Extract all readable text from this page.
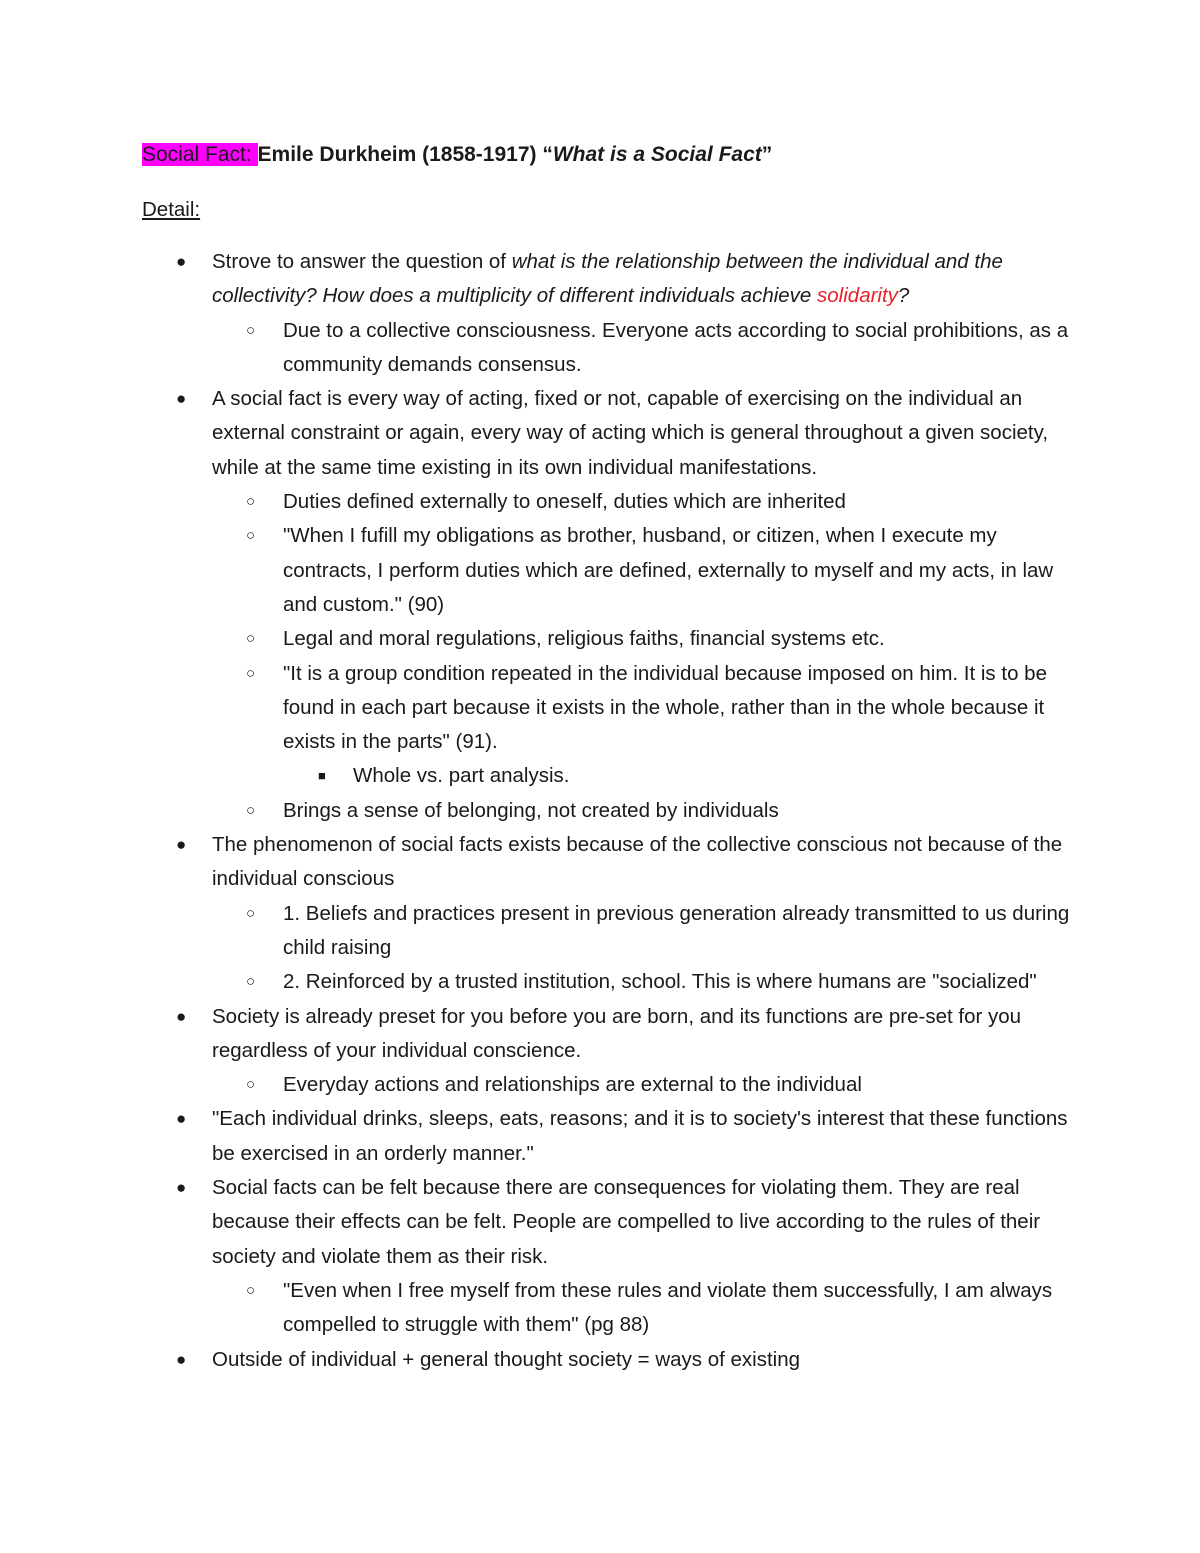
Social Fact: Emile Durkheim (1858-1917) “What is a Social Fact”
Detail:
● Strove to answer the question of what is the relationship between the individual and the collectivity? How does a multiplicity of different individuals achieve solidarity?
○ Due to a collective consciousness. Everyone acts according to social prohibitions, as a community demands consensus.
● A social fact is every way of acting, fixed or not, capable of exercising on the individual an external constraint or again, every way of acting which is general throughout a given society, while at the same time existing in its own individual manifestations.
○ Duties defined externally to oneself, duties which are inherited
○ "When I fufill my obligations as brother, husband, or citizen, when I execute my contracts, I perform duties which are defined, externally to myself and my acts, in law and custom." (90)
○ Legal and moral regulations, religious faiths, financial systems etc.
○ "It is a group condition repeated in the individual because imposed on him. It is to be found in each part because it exists in the whole, rather than in the whole because it exists in the parts" (91).
■ Whole vs. part analysis.
○ Brings a sense of belonging, not created by individuals
● The phenomenon of social facts exists because of the collective conscious not because of the individual conscious
○ 1. Beliefs and practices present in previous generation already transmitted to us during child raising
○ 2. Reinforced by a trusted institution, school. This is where humans are "socialized"
● Society is already preset for you before you are born, and its functions are pre-set for you regardless of your individual conscience.
○ Everyday actions and relationships are external to the individual
● "Each individual drinks, sleeps, eats, reasons; and it is to society's interest that these functions be exercised in an orderly manner."
● Social facts can be felt because there are consequences for violating them. They are real because their effects can be felt. People are compelled to live according to the rules of their society and violate them as their risk.
○ "Even when I free myself from these rules and violate them successfully, I am always compelled to struggle with them" (pg 88)
● Outside of individual + general thought society = ways of existing
